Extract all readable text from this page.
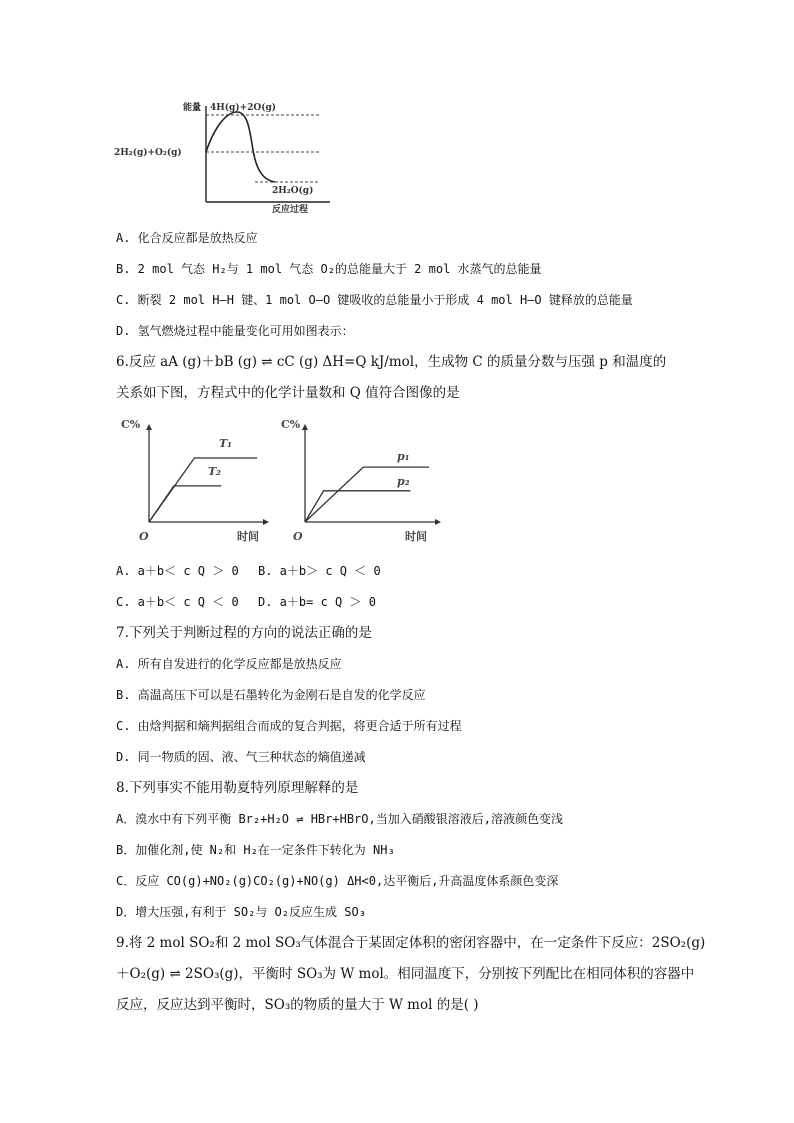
能量 4H(g)+2O(g)
2H₂(g)+O₂(g)
2H₂O(g)
反应过程
A. 化合反应都是放热反应
B. 2 mol 气态 H₂与 1 mol 气态 O₂的总能量大于 2 mol 水蒸气的总能量
C. 断裂 2 mol H—H 键、1 mol O—O 键吸收的总能量小于形成 4 mol H—O 键释放的总能量
D. 氢气燃烧过程中能量变化可用如图表示：
6.反应 aA (g)＋bB (g) ⇌ cC (g) ΔH=Q kJ/mol，生成物 C 的质量分数与压强 p 和温度的
关系如下图，方程式中的化学计量数和 Q 值符合图像的是
C%
O	时间
T₁
T₂
C%
O	时间
p₁
p₂
A. a＋b＜ c Q ＞ 0 B. a＋b＞ c Q ＜ 0
C. a＋b＜ c Q ＜ 0 D. a＋b= c Q ＞ 0
7.下列关于判断过程的方向的说法正确的是
A. 所有自发进行的化学反应都是放热反应
B. 高温高压下可以是石墨转化为金刚石是自发的化学反应
C. 由焓判据和熵判据组合而成的复合判据，将更合适于所有过程
D. 同一物质的固、液、气三种状态的熵值递减
8.下列事实不能用勒夏特列原理解释的是
A．溴水中有下列平衡 Br₂+H₂O ⇌ HBr+HBrO,当加入硝酸银溶液后,溶液颜色变浅
B．加催化剂,使 N₂和 H₂在一定条件下转化为 NH₃
C．反应 CO(g)+NO₂(g)CO₂(g)+NO(g) ΔH<0,达平衡后,升高温度体系颜色变深
D．增大压强,有利于 SO₂与 O₂反应生成 SO₃
9.将 2 mol SO₂和 2 mol SO₃气体混合于某固定体积的密闭容器中，在一定条件下反应：2SO₂(g)
＋O₂(g) ⇌ 2SO₃(g)，平衡时 SO₃为 W mol。相同温度下，分别按下列配比在相同体积的容器中
反应，反应达到平衡时，SO₃的物质的量大于 W mol 的是( )
